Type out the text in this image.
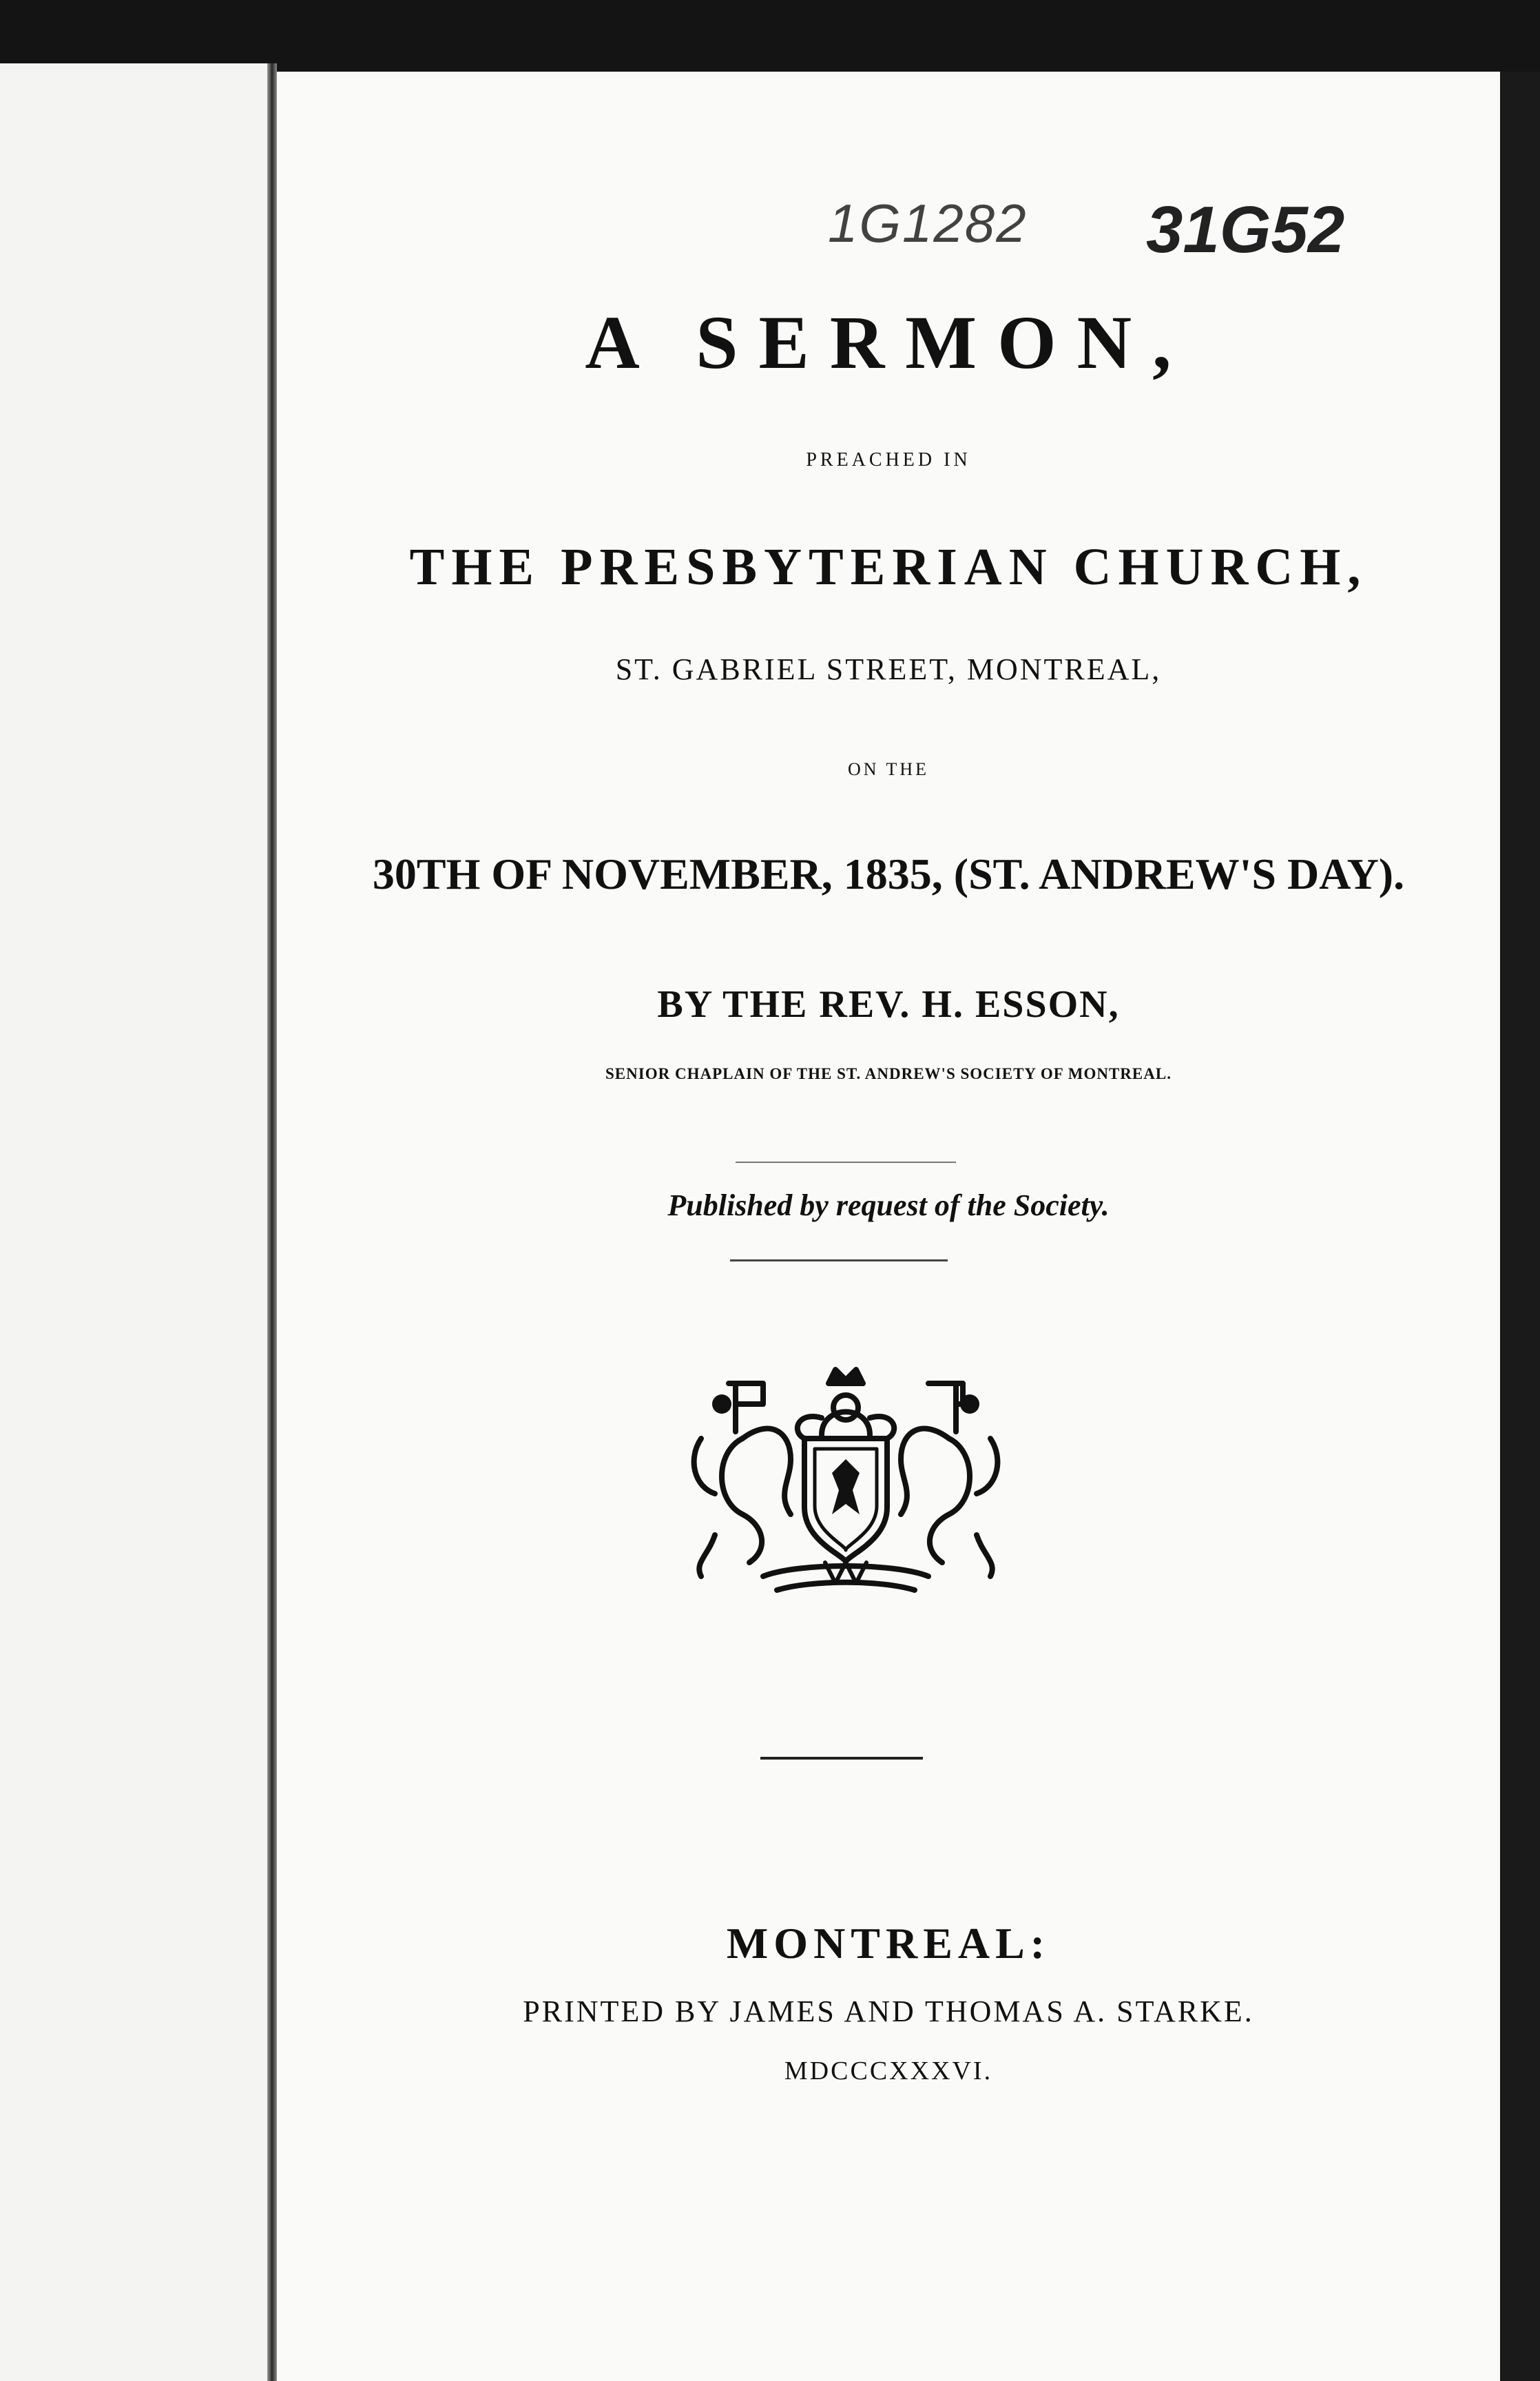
1G1282 31G52
A SERMON,
PREACHED IN
THE PRESBYTERIAN CHURCH,
ST. GABRIEL STREET, MONTREAL,
ON THE
30TH OF NOVEMBER, 1835, (ST. ANDREW'S DAY).
BY THE REV. H. ESSON,
SENIOR CHAPLAIN OF THE ST. ANDREW'S SOCIETY OF MONTREAL.
Published by request of the Society.
MONTREAL:
PRINTED BY JAMES AND THOMAS A. STARKE.
MDCCCXXXVI.
